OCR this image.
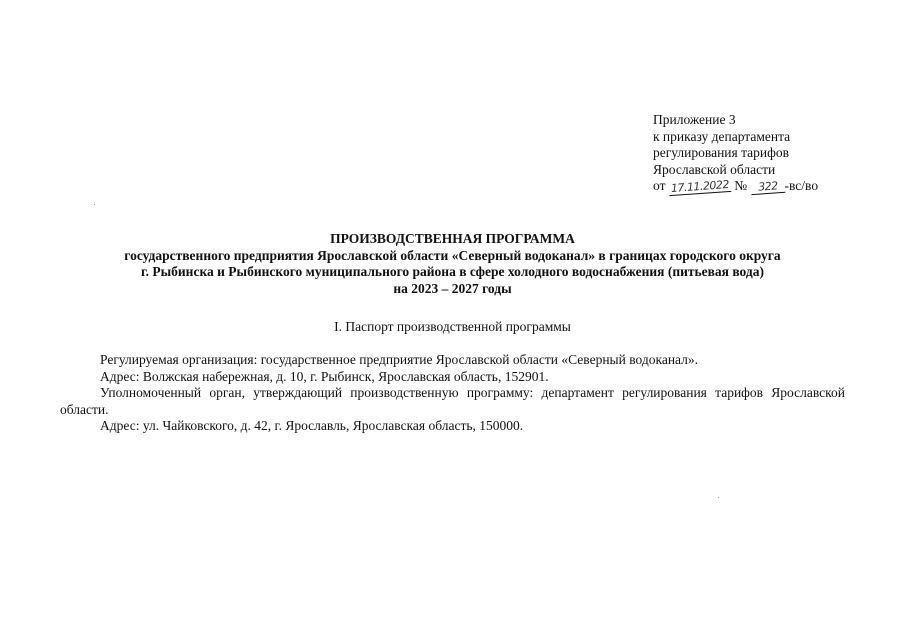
Приложение 3
к приказу департамента
регулирования тарифов
Ярославской области
от 17.11.2022 № 322 -вс/во
ПРОИЗВОДСТВЕННАЯ ПРОГРАММА
государственного предприятия Ярославской области «Северный водоканал» в границах городского округа
г. Рыбинска и Рыбинского муниципального района в сфере холодного водоснабжения (питьевая вода)
на 2023 – 2027 годы
I. Паспорт производственной программы

Регулируемая организация: государственное предприятие Ярославской области «Северный водоканал».

Адрес: Волжская набережная, д. 10, г. Рыбинск, Ярославская область, 152901.

Уполномоченный орган, утверждающий производственную программу: департамент регулирования тарифов Ярославской области.

Адрес: ул. Чайковского, д. 42, г. Ярославль, Ярославская область, 150000.
